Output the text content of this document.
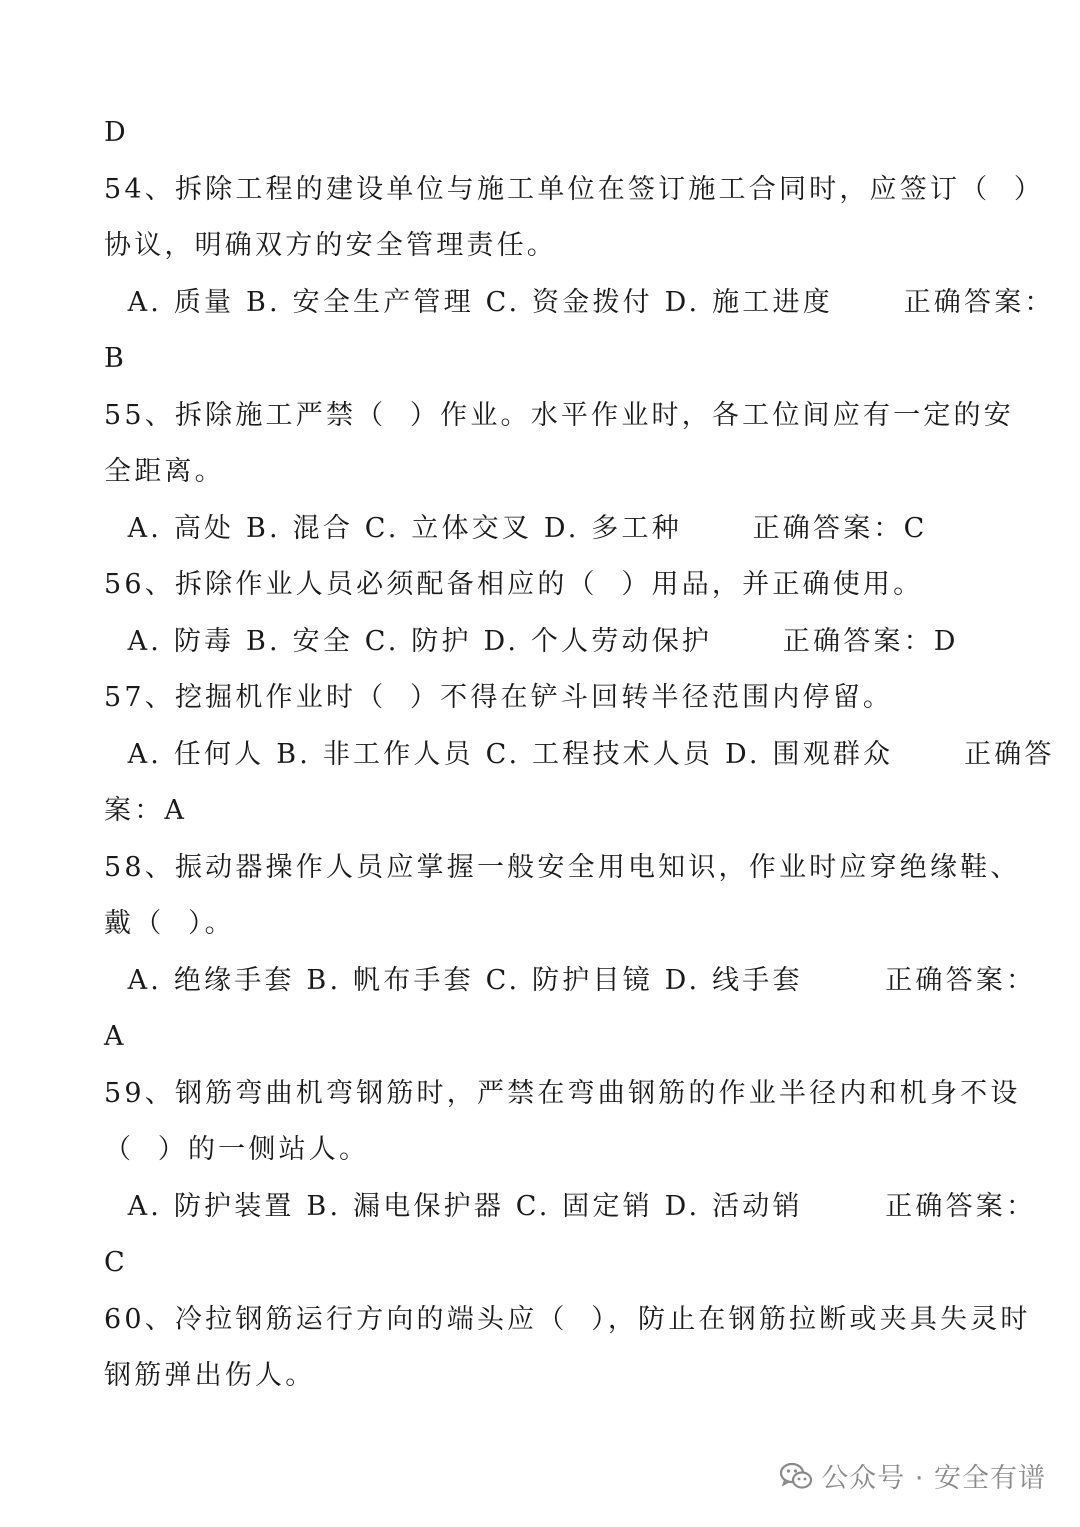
D
54、拆除工程的建设单位与施工单位在签订施工合同时，应签订（  ）
协议，明确双方的安全管理责任。
A. 质量 B. 安全生产管理 C. 资金拨付 D. 施工进度      正确答案：
B
55、拆除施工严禁（  ）作业。水平作业时，各工位间应有一定的安
全距离。
A. 高处 B. 混合 C. 立体交叉 D. 多工种      正确答案：C
56、拆除作业人员必须配备相应的（  ）用品，并正确使用。
A. 防毒 B. 安全 C. 防护 D. 个人劳动保护      正确答案：D
57、挖掘机作业时（  ）不得在铲斗回转半径范围内停留。
A. 任何人 B. 非工作人员 C. 工程技术人员 D. 围观群众      正确答
案：A
58、振动器操作人员应掌握一般安全用电知识，作业时应穿绝缘鞋、
戴（  ）。
A. 绝缘手套 B. 帆布手套 C. 防护目镜 D. 线手套       正确答案：
A
59、钢筋弯曲机弯钢筋时，严禁在弯曲钢筋的作业半径内和机身不设
（  ）的一侧站人。
A. 防护装置 B. 漏电保护器 C. 固定销 D. 活动销       正确答案：
C
60、冷拉钢筋运行方向的端头应（  ），防止在钢筋拉断或夹具失灵时
钢筋弹出伤人。
公众号 · 安全有谱
